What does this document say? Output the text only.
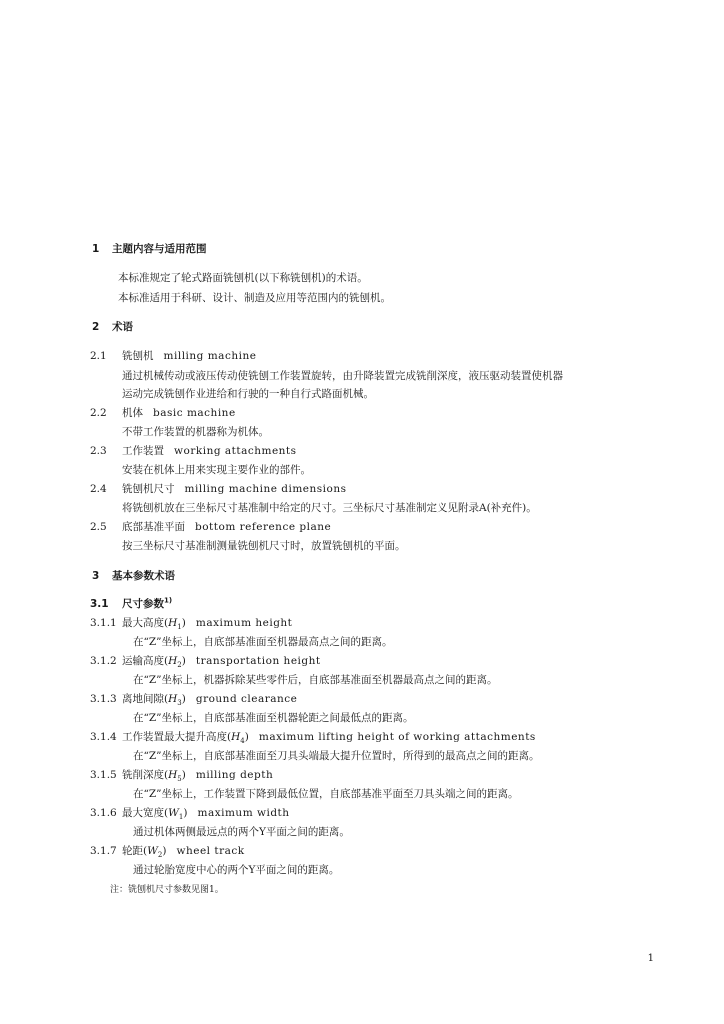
1 主题内容与适用范围
本标准规定了轮式路面铣刨机(以下称铣刨机)的术语。
本标准适用于科研、设计、制造及应用等范围内的铣刨机。
2 术语
2.1 铣刨机 milling machine
通过机械传动或液压传动使铣刨工作装置旋转，由升降装置完成铣削深度，液压驱动装置使机器
运动完成铣刨作业进给和行驶的一种自行式路面机械。
2.2 机体 basic machine
不带工作装置的机器称为机体。
2.3 工作装置 working attachments
安装在机体上用来实现主要作业的部件。
2.4 铣刨机尺寸 milling machine dimensions
将铣刨机放在三坐标尺寸基准制中给定的尺寸。三坐标尺寸基准制定义见附录A(补充件)。
2.5 底部基准平面 bottom reference plane
按三坐标尺寸基准制测量铣刨机尺寸时，放置铣刨机的平面。
3 基本参数术语
3.1 尺寸参数$^{1)}$
3.1.1 最大高度$(H_1)$   maximum height
在“Z”坐标上，自底部基准面至机器最高点之间的距离。
3.1.2 运输高度$(H_2)$   transportation height
在“Z”坐标上，机器拆除某些零件后，自底部基准面至机器最高点之间的距离。
3.1.3 离地间隙$(H_3)$   ground clearance
在“Z”坐标上，自底部基准面至机器轮距之间最低点的距离。
3.1.4 工作装置最大提升高度$(H_4)$   maximum lifting height of working attachments
在“Z”坐标上，自底部基准面至刀具头端最大提升位置时，所得到的最高点之间的距离。
3.1.5 铣削深度$(H_5)$   milling depth
在“Z”坐标上，工作装置下降到最低位置，自底部基准平面至刀具头端之间的距离。
3.1.6 最大宽度$(W_1)$   maximum width
通过机体两侧最远点的两个Y平面之间的距离。
3.1.7 轮距$(W_2)$   wheel track
通过轮胎宽度中心的两个Y平面之间的距离。
注：铣刨机尺寸参数见图1。
1
